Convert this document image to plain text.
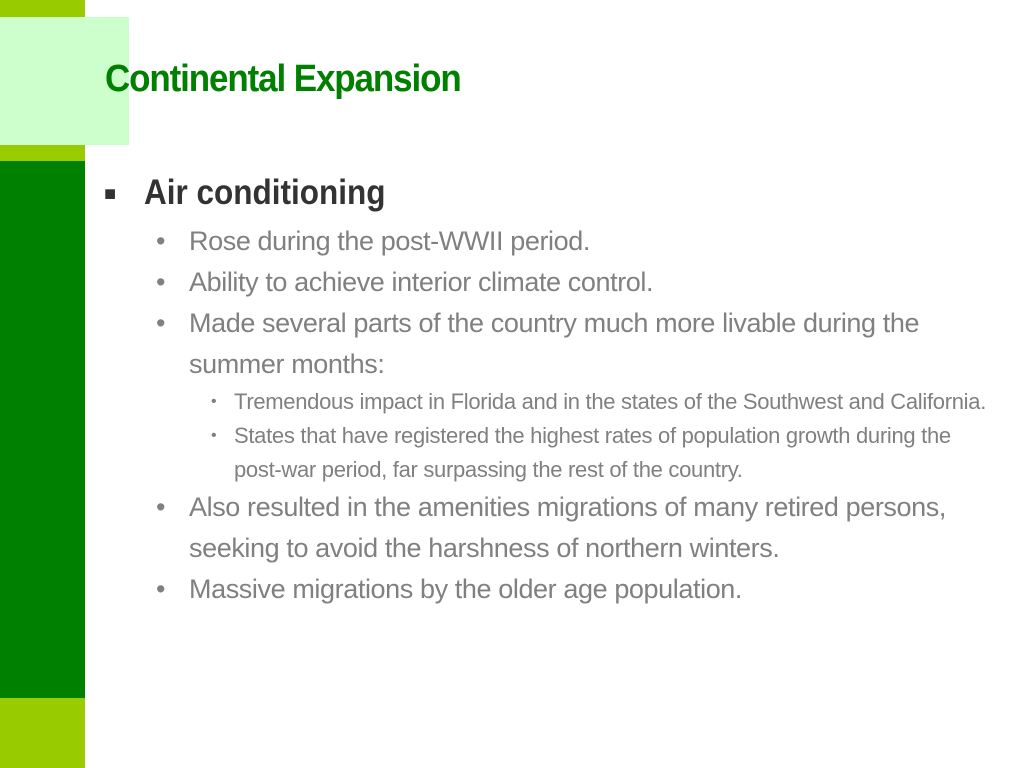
Continental Expansion
■ Air conditioning
• Rose during the post-WWII period.
• Ability to achieve interior climate control.
• Made several parts of the country much more livable during the summer months:
• Tremendous impact in Florida and in the states of the Southwest and California.
• States that have registered the highest rates of population growth during the post-war period, far surpassing the rest of the country.
• Also resulted in the amenities migrations of many retired persons, seeking to avoid the harshness of northern winters.
• Massive migrations by the older age population.
